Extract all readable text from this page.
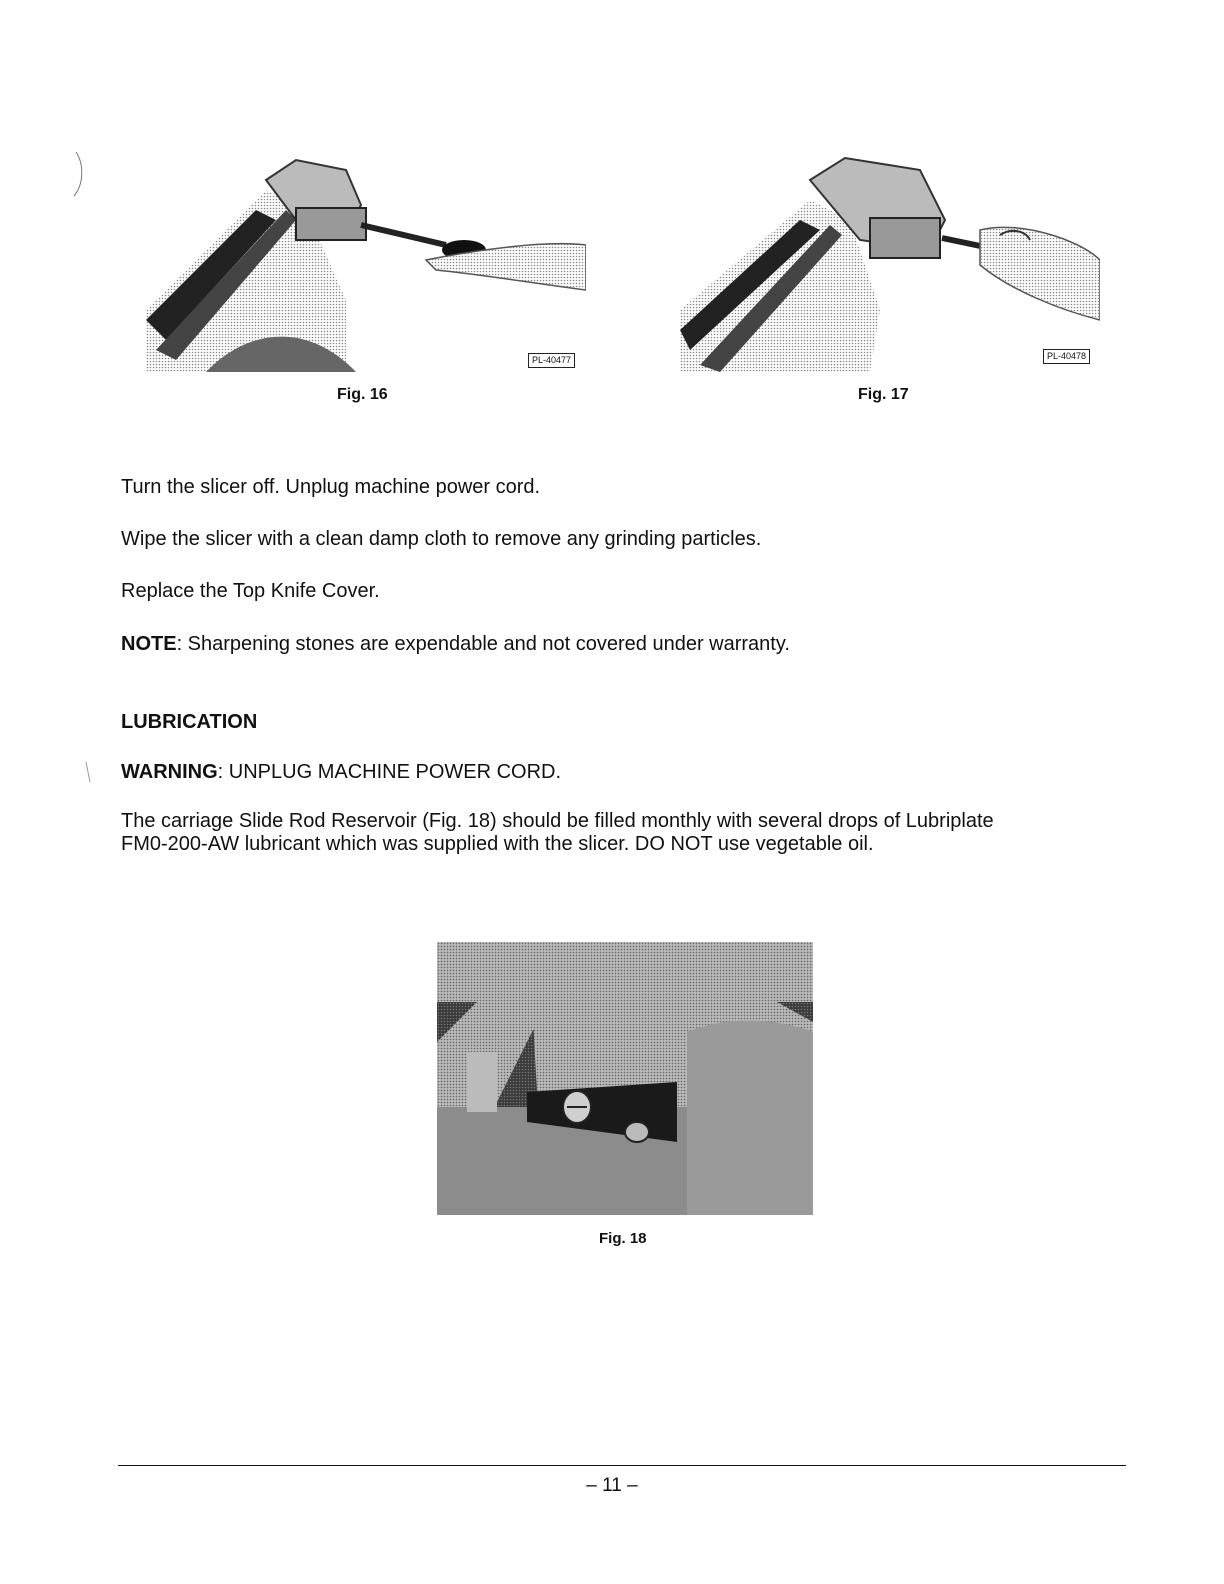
PL-40477
Fig. 16
PL-40478
Fig. 17

Turn the slicer off. Unplug machine power cord.

Wipe the slicer with a clean damp cloth to remove any grinding particles.

Replace the Top Knife Cover.

NOTE: Sharpening stones are expendable and not covered under warranty.

LUBRICATION

WARNING: UNPLUG MACHINE POWER CORD.

The carriage Slide Rod Reservoir (Fig. 18) should be filled monthly with several drops of Lubriplate
FM0-200-AW lubricant which was supplied with the slicer. DO NOT use vegetable oil.

Fig. 18
– 11 –
